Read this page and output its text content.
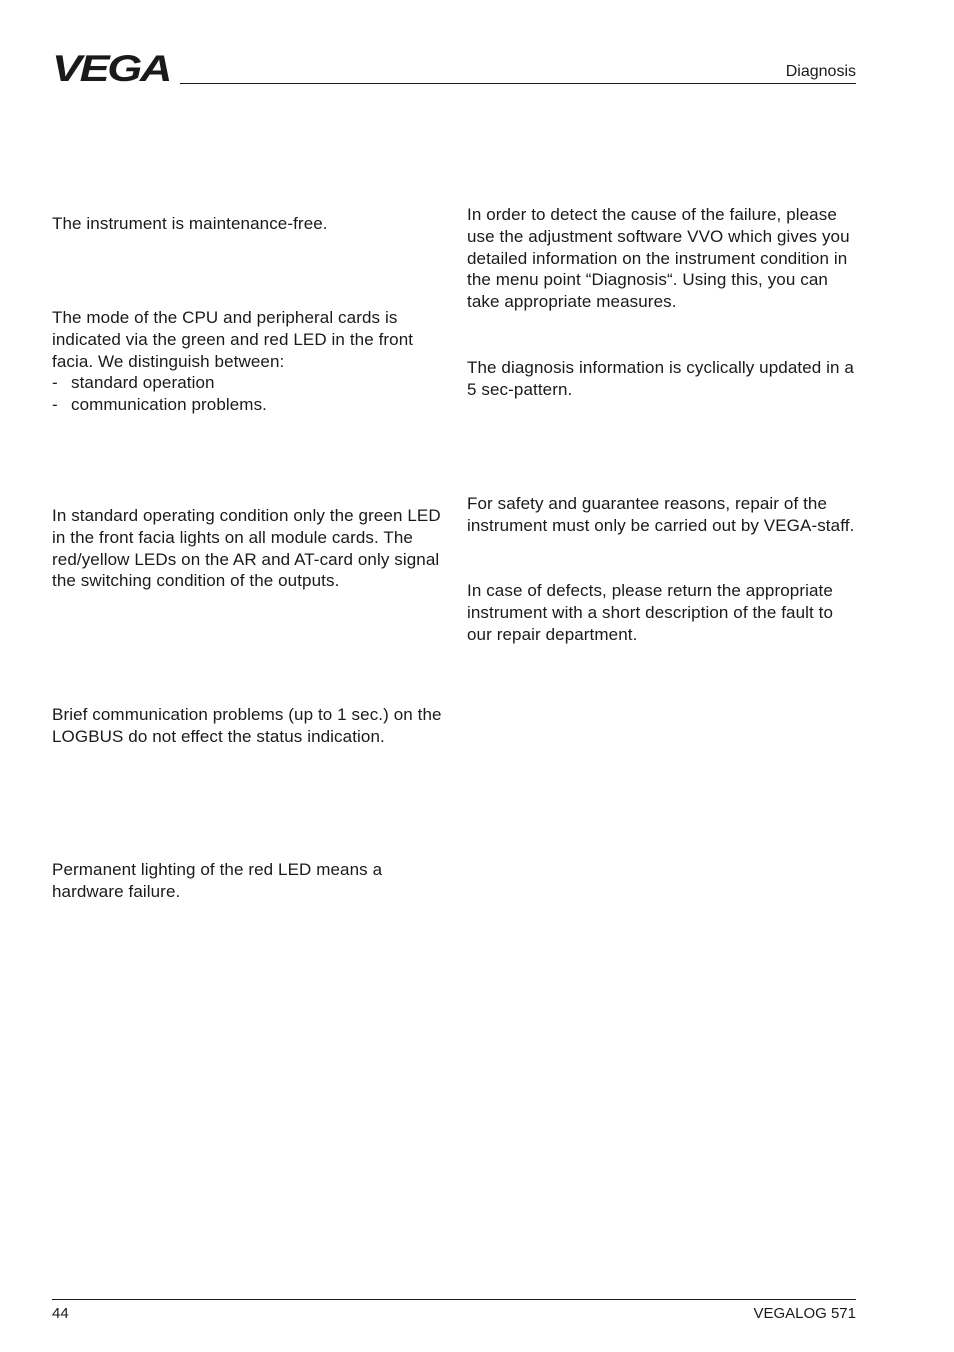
VEGA	Diagnosis

The instrument is maintenance-free.

The mode of the CPU and peripheral cards is indicated via the green and red LED in the front facia. We distinguish between:

- standard operation
- communication problems.

In standard operating condition only the green LED in the front facia lights on all module cards. The red/yellow LEDs on the AR and AT-card only signal the switching condition of the outputs.

Brief communication problems (up to 1 sec.) on the LOGBUS do not effect the status indication.

Permanent lighting of the red LED means a hardware failure.

In order to detect the cause of the failure, please use the adjustment software VVO which gives you detailed information on the instrument condition in the menu point “Diagnosis“. Using this, you can take appropriate measures.

The diagnosis information is cyclically updated in a 5 sec-pattern.

For safety and guarantee reasons, repair of the instrument must only be carried out by VEGA-staff.

In case of defects, please return the appropriate instrument with a short description of the fault to our repair department.

44	VEGALOG 571
